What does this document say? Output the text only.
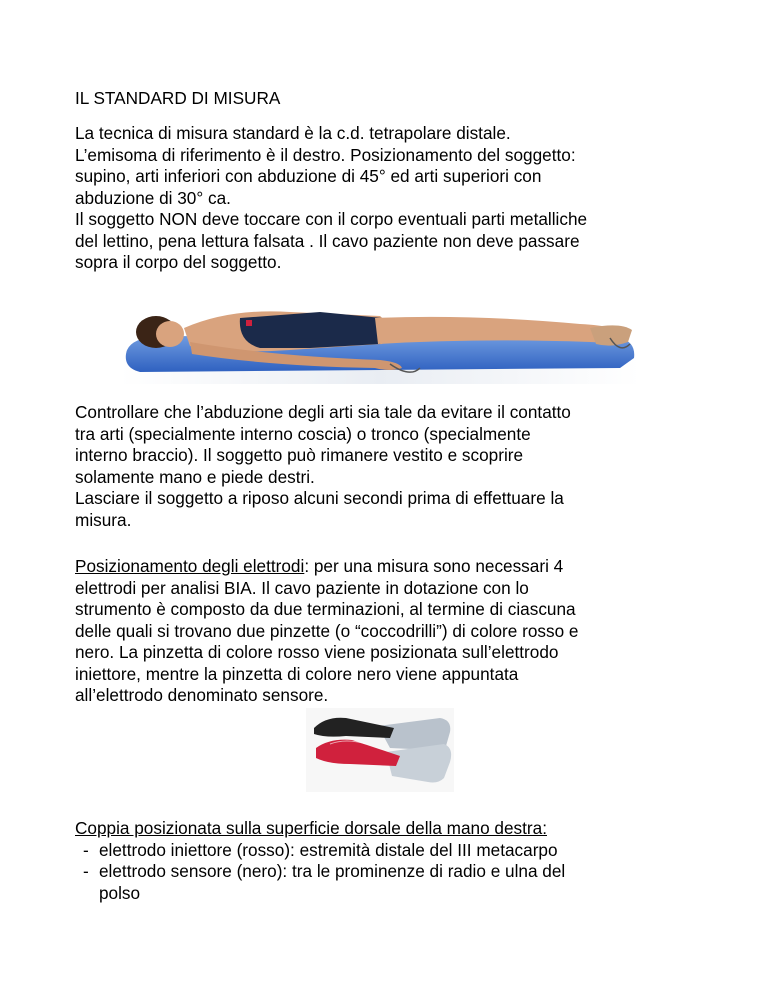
IL STANDARD DI MISURA

La tecnica di misura standard è la c.d. tetrapolare distale.
L’emisoma di riferimento è il destro. Posizionamento del soggetto:
supino, arti inferiori con abduzione di 45° ed arti superiori con
abduzione di 30° ca.
Il soggetto NON deve toccare con il corpo eventuali parti metalliche
del lettino, pena lettura falsata . Il cavo paziente non deve passare
sopra il corpo del soggetto.

Controllare che l’abduzione degli arti sia tale da evitare il contatto
tra arti (specialmente interno coscia) o tronco (specialmente
interno braccio). Il soggetto può rimanere vestito e scoprire
solamente mano e piede destri.
Lasciare il soggetto a riposo alcuni secondi prima di effettuare la
misura.

Posizionamento degli elettrodi: per una misura sono necessari 4
elettrodi per analisi BIA. Il cavo paziente in dotazione con lo
strumento è composto da due terminazioni, al termine di ciascuna
delle quali si trovano due pinzette (o “coccodrilli”) di colore rosso e
nero. La pinzetta di colore rosso viene posizionata sull’elettrodo
iniettore, mentre la pinzetta di colore nero viene appuntata
all’elettrodo denominato sensore.

Coppia posizionata sulla superficie dorsale della mano destra:
- elettrodo iniettore (rosso): estremità distale del III metacarpo
- elettrodo sensore (nero): tra le prominenze di radio e ulna del
polso
